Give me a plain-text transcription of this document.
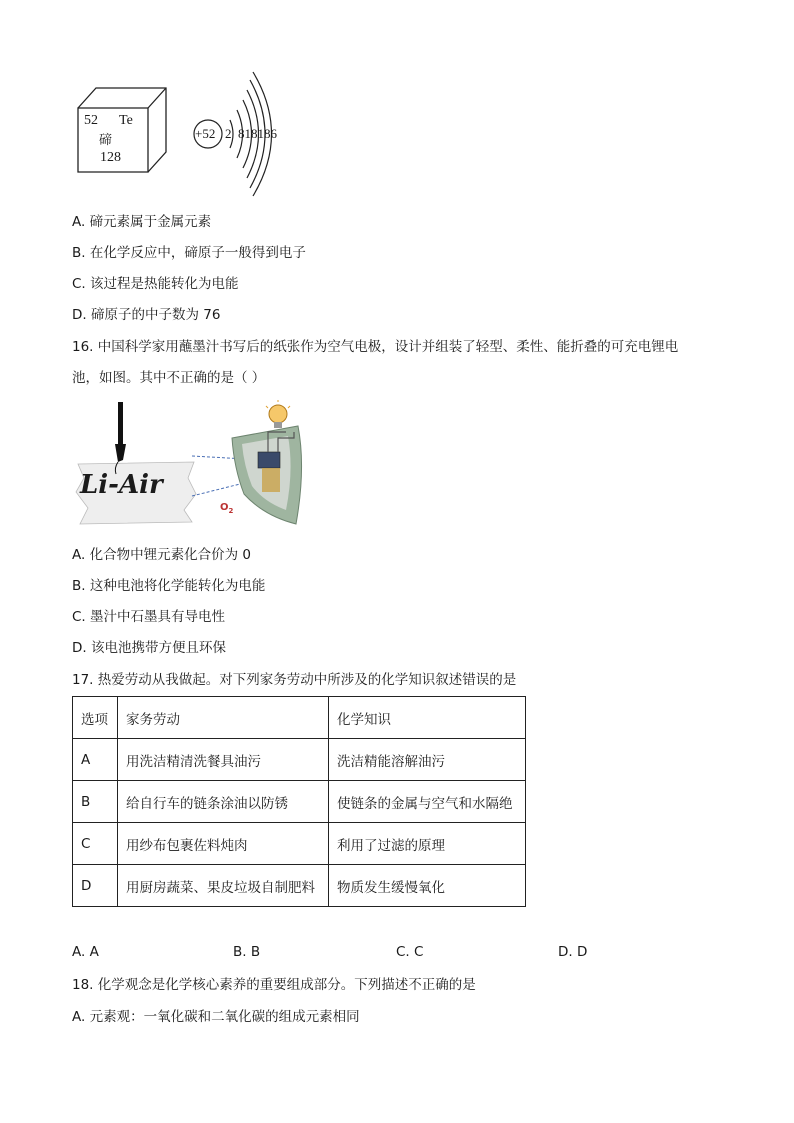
52 Te
碲
128
+52 2  818186
A. 碲元素属于金属元素
B. 在化学反应中，碲原子一般得到电子
C. 该过程是热能转化为电能
D. 碲原子的中子数为 76
16. 中国科学家用蘸墨汁书写后的纸张作为空气电极，设计并组装了轻型、柔性、能折叠的可充电锂电
池，如图。其中不正确的是（ ）
Li-Air
$O_2$
A. 化合物中锂元素化合价为 0
B. 这种电池将化学能转化为电能
C. 墨汁中石墨具有导电性
D. 该电池携带方便且环保
17. 热爱劳动从我做起。对下列家务劳动中所涉及的化学知识叙述错误的是
选项	家务劳动	化学知识
A	用洗洁精清洗餐具油污	洗洁精能溶解油污
B	给自行车的链条涂油以防锈	使链条的金属与空气和水隔绝
C	用纱布包裹佐料炖肉	利用了过滤的原理
D	用厨房蔬菜、果皮垃圾自制肥料	物质发生缓慢氧化
A. A	B. B	C. C	D. D
18. 化学观念是化学核心素养的重要组成部分。下列描述不正确的是
A. 元素观：一氧化碳和二氧化碳的组成元素相同
